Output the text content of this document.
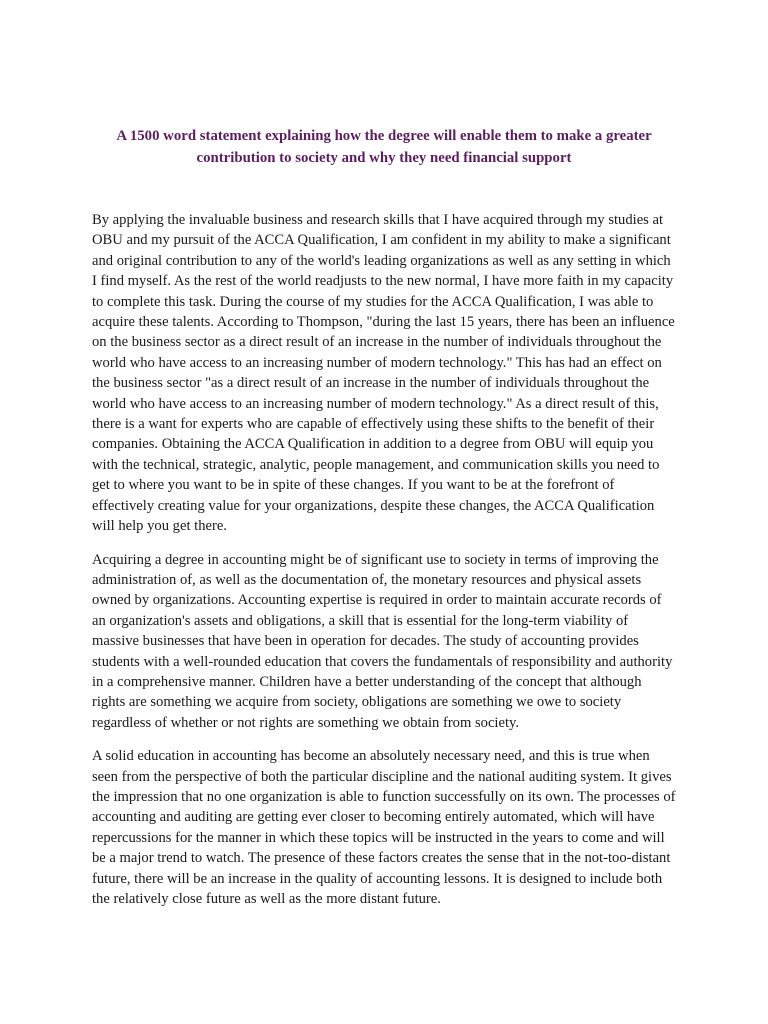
A 1500 word statement explaining how the degree will enable them to make a greater contribution to society and why they need financial support

By applying the invaluable business and research skills that I have acquired through my studies at OBU and my pursuit of the ACCA Qualification, I am confident in my ability to make a significant and original contribution to any of the world's leading organizations as well as any setting in which I find myself. As the rest of the world readjusts to the new normal, I have more faith in my capacity to complete this task. During the course of my studies for the ACCA Qualification, I was able to acquire these talents. According to Thompson, "during the last 15 years, there has been an influence on the business sector as a direct result of an increase in the number of individuals throughout the world who have access to an increasing number of modern technology." This has had an effect on the business sector "as a direct result of an increase in the number of individuals throughout the world who have access to an increasing number of modern technology." As a direct result of this, there is a want for experts who are capable of effectively using these shifts to the benefit of their companies. Obtaining the ACCA Qualification in addition to a degree from OBU will equip you with the technical, strategic, analytic, people management, and communication skills you need to get to where you want to be in spite of these changes. If you want to be at the forefront of effectively creating value for your organizations, despite these changes, the ACCA Qualification will help you get there.

Acquiring a degree in accounting might be of significant use to society in terms of improving the administration of, as well as the documentation of, the monetary resources and physical assets owned by organizations. Accounting expertise is required in order to maintain accurate records of an organization's assets and obligations, a skill that is essential for the long-term viability of massive businesses that have been in operation for decades. The study of accounting provides students with a well-rounded education that covers the fundamentals of responsibility and authority in a comprehensive manner. Children have a better understanding of the concept that although rights are something we acquire from society, obligations are something we owe to society regardless of whether or not rights are something we obtain from society.

A solid education in accounting has become an absolutely necessary need, and this is true when seen from the perspective of both the particular discipline and the national auditing system. It gives the impression that no one organization is able to function successfully on its own. The processes of accounting and auditing are getting ever closer to becoming entirely automated, which will have repercussions for the manner in which these topics will be instructed in the years to come and will be a major trend to watch. The presence of these factors creates the sense that in the not-too-distant future, there will be an increase in the quality of accounting lessons. It is designed to include both the relatively close future as well as the more distant future.
